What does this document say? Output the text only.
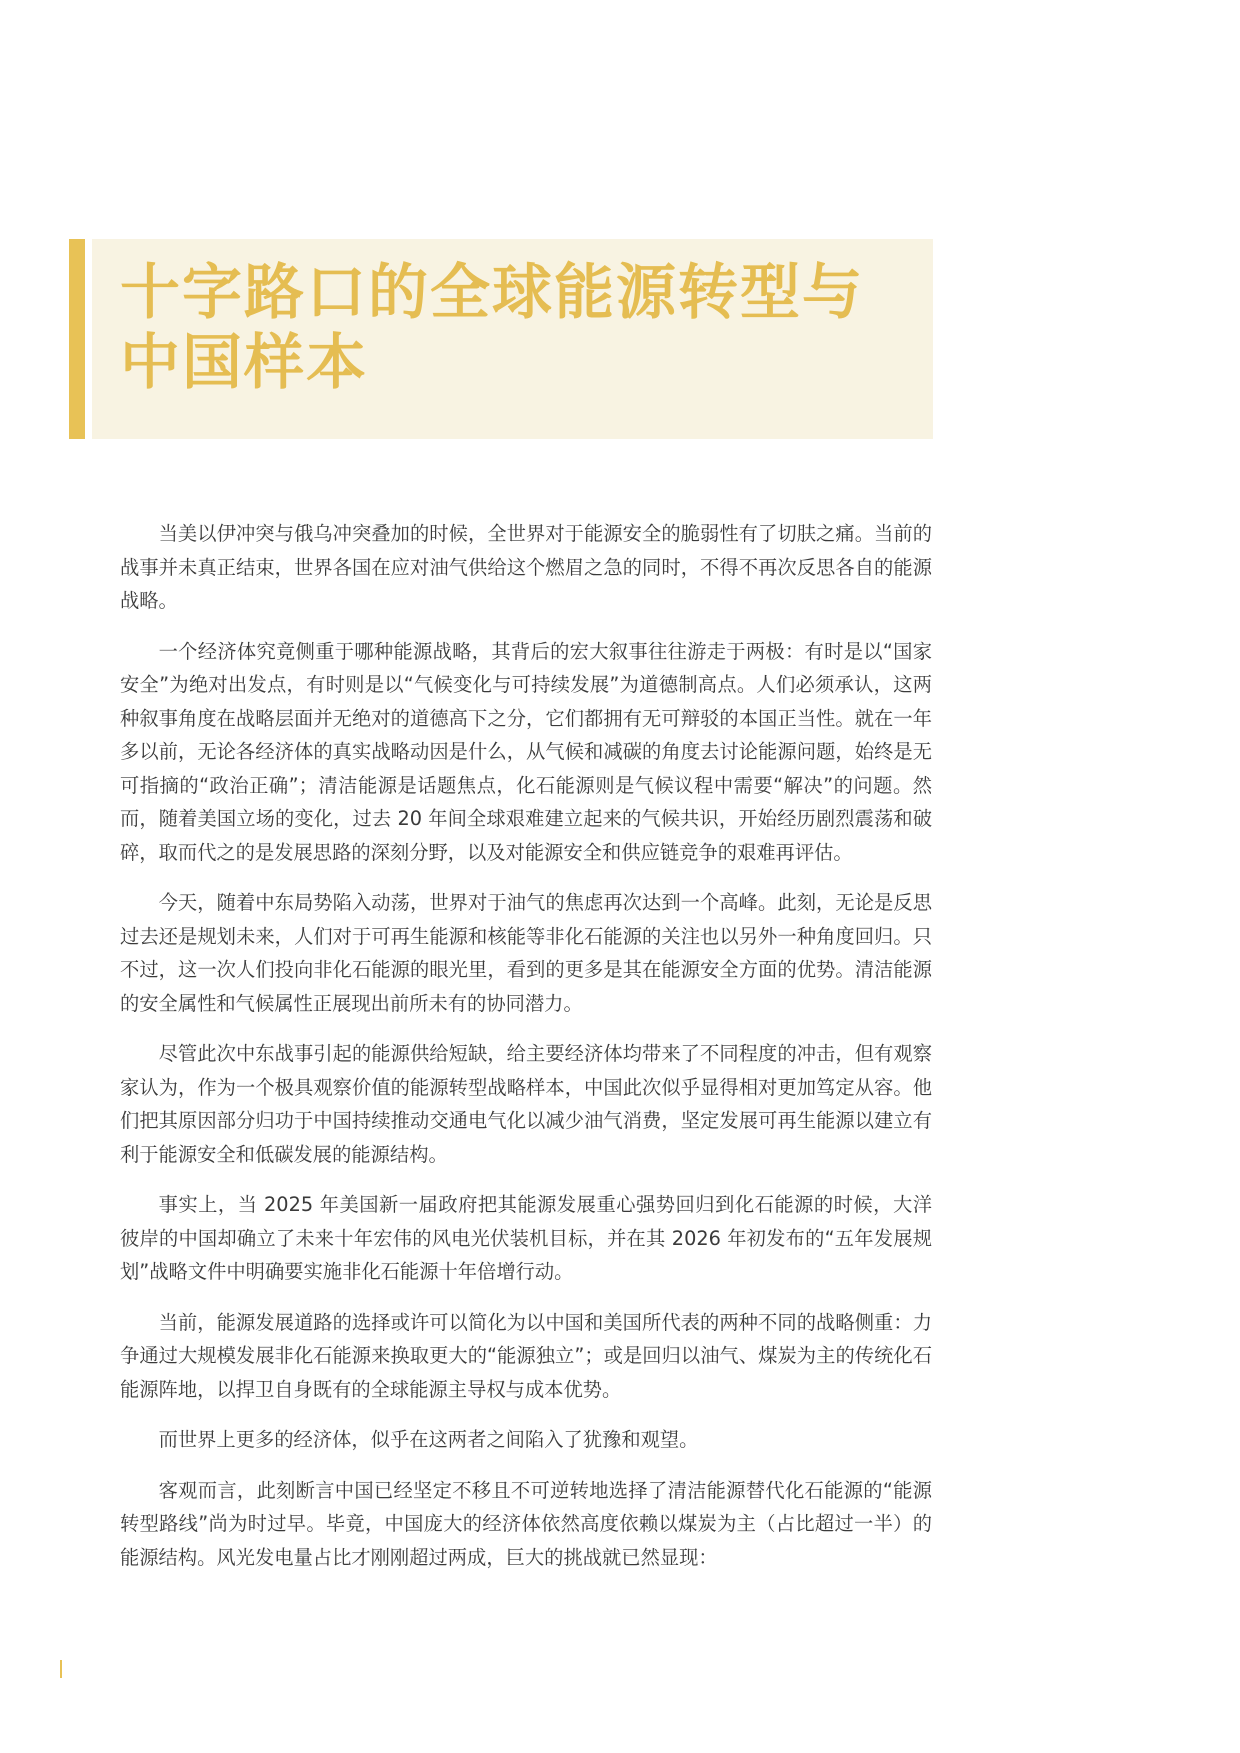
十字路口的全球能源转型与
中国样本

当美以伊冲突与俄乌冲突叠加的时候，全世界对于能源安全的脆弱性有了切肤之痛。当前的战事并未真正结束，世界各国在应对油气供给这个燃眉之急的同时，不得不再次反思各自的能源战略。

一个经济体究竟侧重于哪种能源战略，其背后的宏大叙事往往游走于两极：有时是以“国家安全”为绝对出发点，有时则是以“气候变化与可持续发展”为道德制高点。人们必须承认，这两种叙事角度在战略层面并无绝对的道德高下之分，它们都拥有无可辩驳的本国正当性。就在一年多以前，无论各经济体的真实战略动因是什么，从气候和减碳的角度去讨论能源问题，始终是无可指摘的“政治正确”；清洁能源是话题焦点，化石能源则是气候议程中需要“解决”的问题。然而，随着美国立场的变化，过去 20 年间全球艰难建立起来的气候共识，开始经历剧烈震荡和破碎，取而代之的是发展思路的深刻分野，以及对能源安全和供应链竞争的艰难再评估。

今天，随着中东局势陷入动荡，世界对于油气的焦虑再次达到一个高峰。此刻，无论是反思过去还是规划未来，人们对于可再生能源和核能等非化石能源的关注也以另外一种角度回归。只不过，这一次人们投向非化石能源的眼光里，看到的更多是其在能源安全方面的优势。清洁能源的安全属性和气候属性正展现出前所未有的协同潜力。

尽管此次中东战事引起的能源供给短缺，给主要经济体均带来了不同程度的冲击，但有观察家认为，作为一个极具观察价值的能源转型战略样本，中国此次似乎显得相对更加笃定从容。他们把其原因部分归功于中国持续推动交通电气化以减少油气消费，坚定发展可再生能源以建立有利于能源安全和低碳发展的能源结构。

事实上，当 2025 年美国新一届政府把其能源发展重心强势回归到化石能源的时候，大洋彼岸的中国却确立了未来十年宏伟的风电光伏装机目标，并在其 2026 年初发布的“五年发展规划”战略文件中明确要实施非化石能源十年倍增行动。

当前，能源发展道路的选择或许可以简化为以中国和美国所代表的两种不同的战略侧重：力争通过大规模发展非化石能源来换取更大的“能源独立”；或是回归以油气、煤炭为主的传统化石能源阵地，以捍卫自身既有的全球能源主导权与成本优势。

而世界上更多的经济体，似乎在这两者之间陷入了犹豫和观望。

客观而言，此刻断言中国已经坚定不移且不可逆转地选择了清洁能源替代化石能源的“能源转型路线”尚为时过早。毕竟，中国庞大的经济体依然高度依赖以煤炭为主（占比超过一半）的能源结构。风光发电量占比才刚刚超过两成，巨大的挑战就已然显现：
